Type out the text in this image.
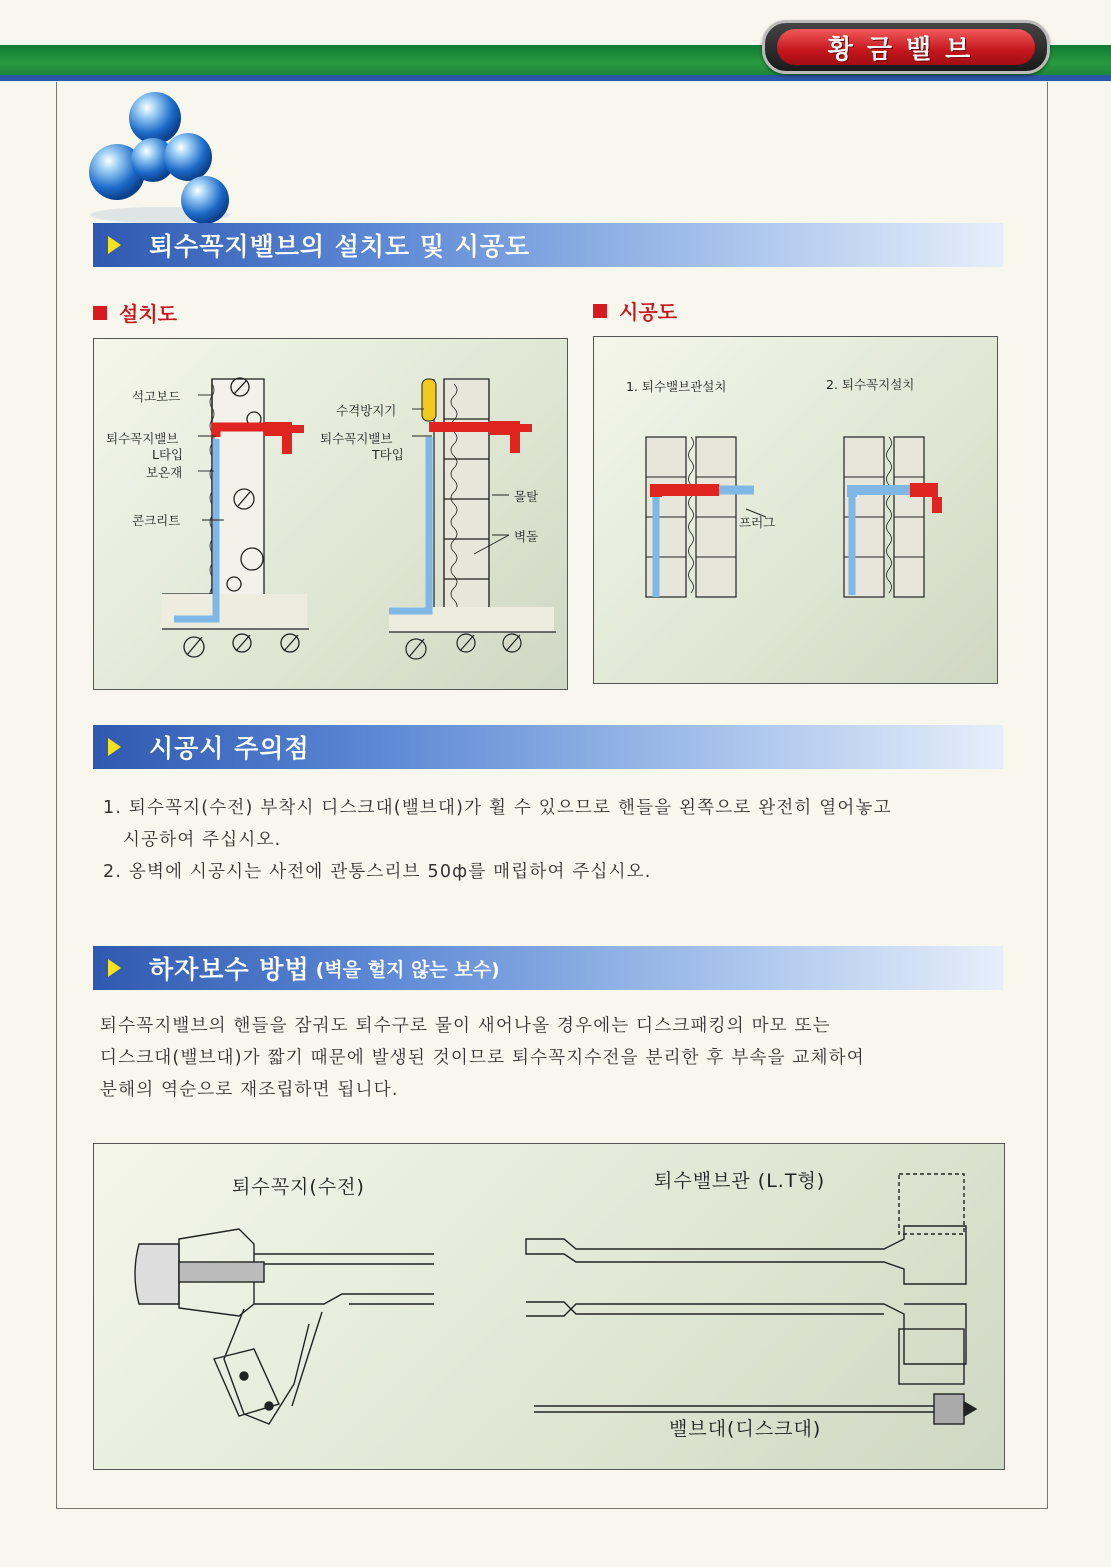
황금밸브
퇴수꼭지밸브의 설치도 및 시공도
설치도	시공도
석고보드
퇴수꼭지밸브
L타입
보온재
콘크리트
수격방지기
퇴수꼭지밸브
T타입
몰탈
벽돌
1. 퇴수밸브관설치	2. 퇴수꼭지설치
프러그
시공시 주의점
1. 퇴수꼭지(수전) 부착시 디스크대(밸브대)가 휠 수 있으므로 핸들을 왼쪽으로 완전히 열어놓고
시공하여 주십시오.
2. 옹벽에 시공시는 사전에 관통스리브 50ф를 매립하여 주십시오.
하자보수 방법 (벽을 헐지 않는 보수)
퇴수꼭지밸브의 핸들을 잠궈도 퇴수구로 물이 새어나올 경우에는 디스크패킹의 마모 또는
디스크대(밸브대)가 짧기 때문에 발생된 것이므로 퇴수꼭지수전을 분리한 후 부속을 교체하여
분해의 역순으로 재조립하면 됩니다.
퇴수꼭지(수전)	퇴수밸브관 (L.T형)
밸브대(디스크대)
